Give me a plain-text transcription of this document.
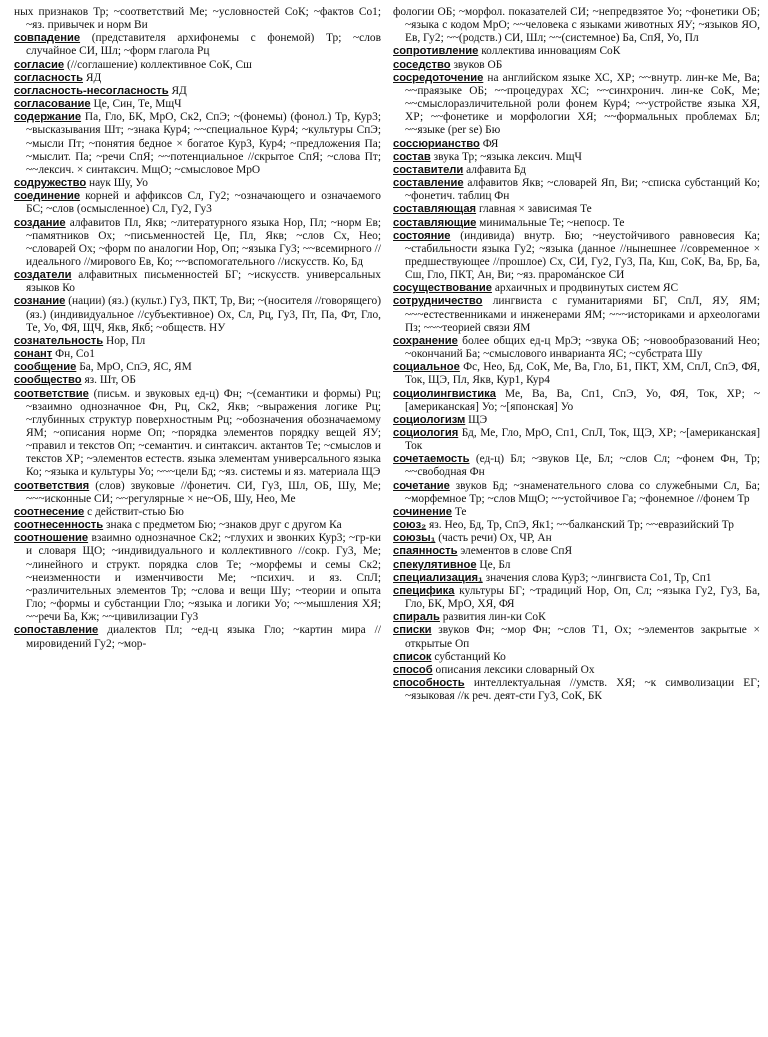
ных признаков Тр; ~соответствий Ме; ~условностей СоК; ~фактов Со1; ~яз. привычек и норм Ви

совпадение (представителя архифонемы с фонемой) Тр; ~слов случайное СИ, Шл; ~форм глагола Рц

согласие (//соглашение) коллективное СоК, Сш

согласность ЯД

согласность-несогласность ЯД

согласование Це, Син, Те, МщЧ

содержание Па, Гло, БК, МрО, Ск2, СпЭ; ~(фонемы) (фонол.) Тр, Кур3; ~высказывания Шт; ~знака Кур4; ~~специальное Кур4; ~культуры СпЭ; ~мысли Пт; ~понятия бедное × богатое Кур3, Кур4; ~предложения Па; ~мыслит. Па; ~речи СпЯ; ~~потенциальное //скрытое СпЯ; ~слова Пт; ~~лексич. × синтаксич. МщО; ~смысловое МрО

содружество наук Шу, Уо

соединение корней и аффиксов Сл, Гу2; ~означающего и означаемого БС; ~слов (осмысленное) Сл, Гу2, Гу3

создание алфавитов Пл, Якв; ~литературного языка Нор, Пл; ~норм Ев; ~памятников Ох; ~письменностей Це, Пл, Якв; ~слов Сх, Нео; ~словарей Ох; ~форм по аналогии Нор, Оп; ~языка Гу3; ~~всемирного //идеального //мирового Ев, Ко; ~~вспомогательного //искусств. Ко, Бд

создатели алфавитных письменностей БГ; ~искусств. универсальных языков Ко

сознание (нации) (яз.) (культ.) Гу3, ПКТ, Тр, Ви; ~(носителя //говорящего) (яз.) (индивидуальное //субъективное) Ох, Сл, Рц, Гу3, Пт, Па, Фт, Гло, Те, Уо, ФЯ, ЩЧ, Якв, Якб; ~обществ. НУ

сознательность Нор, Пл

сонант Фн, Со1

сообщение Ба, МрО, СпЭ, ЯС, ЯМ

сообщество яз. Шт, ОБ

соответствие (письм. и звуковых ед-ц) Фн; ~(семантики и формы) Рц; ~взаимно однозначное Фн, Рц, Ск2, Якв; ~выражения логике Рц; ~глубинных структур поверхностным Рц; ~обозначения обозначаемому ЯМ; ~описания норме Оп; ~порядка элементов порядку вещей ЯУ; ~правил и текстов Оп; ~семантич. и синтаксич. актантов Те; ~смыслов и текстов ХР; ~элементов естеств. языка элементам универсального языка Ко; ~языка и культуры Уо; ~~~цели Бд; ~яз. системы и яз. материала ЩЭ

соответствия (слов) звуковые //фонетич. СИ, Гу3, Шл, ОБ, Шу, Ме; ~~~исконные СИ; ~~регулярные × не~ОБ, Шу, Нео, Ме

соотнесение с действит-стью Бю

соотнесенность знака с предметом Бю; ~знаков друг с другом Ка

соотношение взаимно однозначное Ск2; ~глухих и звонких Кур3; ~гр-ки и словаря ЩО; ~индивидуального и коллективного //сокр. Гу3, Ме; ~линейного и структ. порядка слов Те; ~морфемы и семы Ск2; ~неизменности и изменчивости Ме; ~психич. и яз. СпЛ; ~различительных элементов Тр; ~слова и вещи Шу; ~теории и опыта Гло; ~формы и субстанции Гло; ~языка и логики Уо; ~~мышления ХЯ; ~~речи Ба, Кж; ~~цивилизации Гу3

сопоставление диалектов Пл; ~ед-ц языка Гло; ~картин мира //мировидений Гу2; ~мор-

фологии ОБ; ~морфол. показателей СИ; ~непредвзятое Уо; ~фонетики ОБ; ~языка с кодом МрО; ~~человека с языками животных ЯУ; ~языков ЯО, Ев, Гу2; ~~(родств.) СИ, Шл; ~~(системное) Ба, СпЯ, Уо, Пл

сопротивление коллектива инновациям СоК

соседство звуков ОБ

сосредоточение на английском языке ХС, ХР; ~~внутр. лин-ке Ме, Ва; ~~праязыке ОБ; ~~процедурах ХС; ~~синхронич. лин-ке СоК, Ме; ~~смыслоразличительной роли фонем Кур4; ~~устройстве языка ХЯ, ХР; ~~фонетике и морфологии ХЯ; ~~формальных проблемах Бл; ~~языке (per se) Бю

соссюрианство ФЯ

состав звука Тр; ~языка лексич. МщЧ

составители алфавита Бд

составление алфавитов Якв; ~словарей Яп, Ви; ~списка субстанций Ко; ~фонетич. таблиц Фн

составляющая главная × зависимая Те

составляющие минимальные Те; ~непоср. Те

состояние (индивида) внутр. Бю; ~неустойчивого равновесия Ка; ~стабильности языка Гу2; ~языка (данное //нынешнее //современное × предшествующее //прошлое) Сх, СИ, Гу2, Гу3, Па, Кш, СоК, Ва, Бр, Ба, Сш, Гло, ПКТ, Ан, Ви; ~яз. прарома́нское СИ

сосуществование архаичных и продвинутых систем ЯС

сотрудничество лингвиста с гуманитариями БГ, СпЛ, ЯУ, ЯМ; ~~~естественниками и инженерами ЯМ; ~~~историками и археологами Пз; ~~~теорией связи ЯМ

сохранение более общих ед-ц МрЭ; ~звука ОБ; ~новообразований Нео; ~окончаний Ба; ~смыслового инварианта ЯС; ~субстрата Шу

социальное Фс, Нео, Бд, СоК, Ме, Ва, Гло, Б1, ПКТ, ХМ, СпЛ, СпЭ, ФЯ, Ток, ЩЭ, Пл, Якв, Кур1, Кур4

социолингвистика Ме, Ва, Ва, Сп1, СпЭ, Уо, ФЯ, Ток, ХР; ~[американская] Уо; ~[японская] Уо

социологизм ЩЭ

социология Бд, Ме, Гло, МрО, Сп1, СпЛ, Ток, ЩЭ, ХР; ~[американская] Ток

сочетаемость (ед-ц) Бл; ~звуков Це, Бл; ~слов Сл; ~фонем Фн, Тр; ~~свободная Фн

сочетание звуков Бд; ~знаменательного слова со служебными Сл, Ба; ~морфемное Тр; ~слов МщО; ~~устойчивое Га; ~фонемное //фонем Тр

сочинение Те

союз₂ яз. Нео, Бд, Тр, СпЭ, Як1; ~~балканский Тр; ~~евразийский Тр

союзы₁ (часть речи) Ох, ЧР, Ан

спаянность элементов в слове СпЯ

спекулятивное Це, Бл

специализация₁ значения слова Кур3; ~лингвиста Со1, Тр, Сп1

специфика культуры БГ; ~традиций Нор, Оп, Сл; ~языка Гу2, Гу3, Ба, Гло, БК, МрО, ХЯ, ФЯ

спираль развития лин-ки СоК

списки звуков Фн; ~мор Фн; ~слов Т1, Ох; ~элементов закрытые × открытые Оп

список субстанций Ко

способ описания лексики словарный Ох

способность интеллектуальная //умств. ХЯ; ~к символизации ЕГ; ~языковая //к реч. деят-сти Гу3, СоК, БК
